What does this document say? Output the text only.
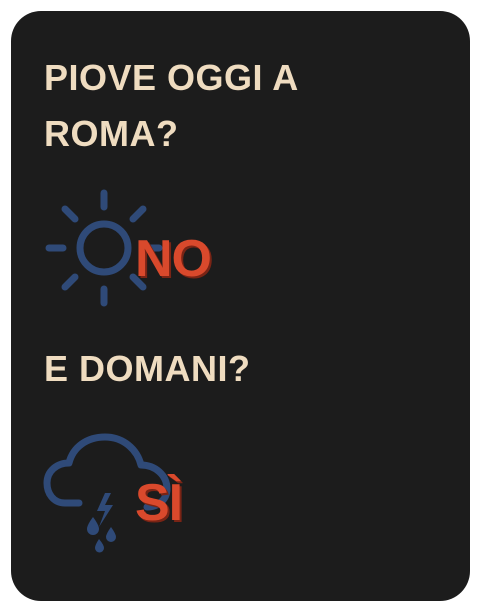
PIOVE OGGI A ROMA?

NO

E DOMANI?

SÌ
